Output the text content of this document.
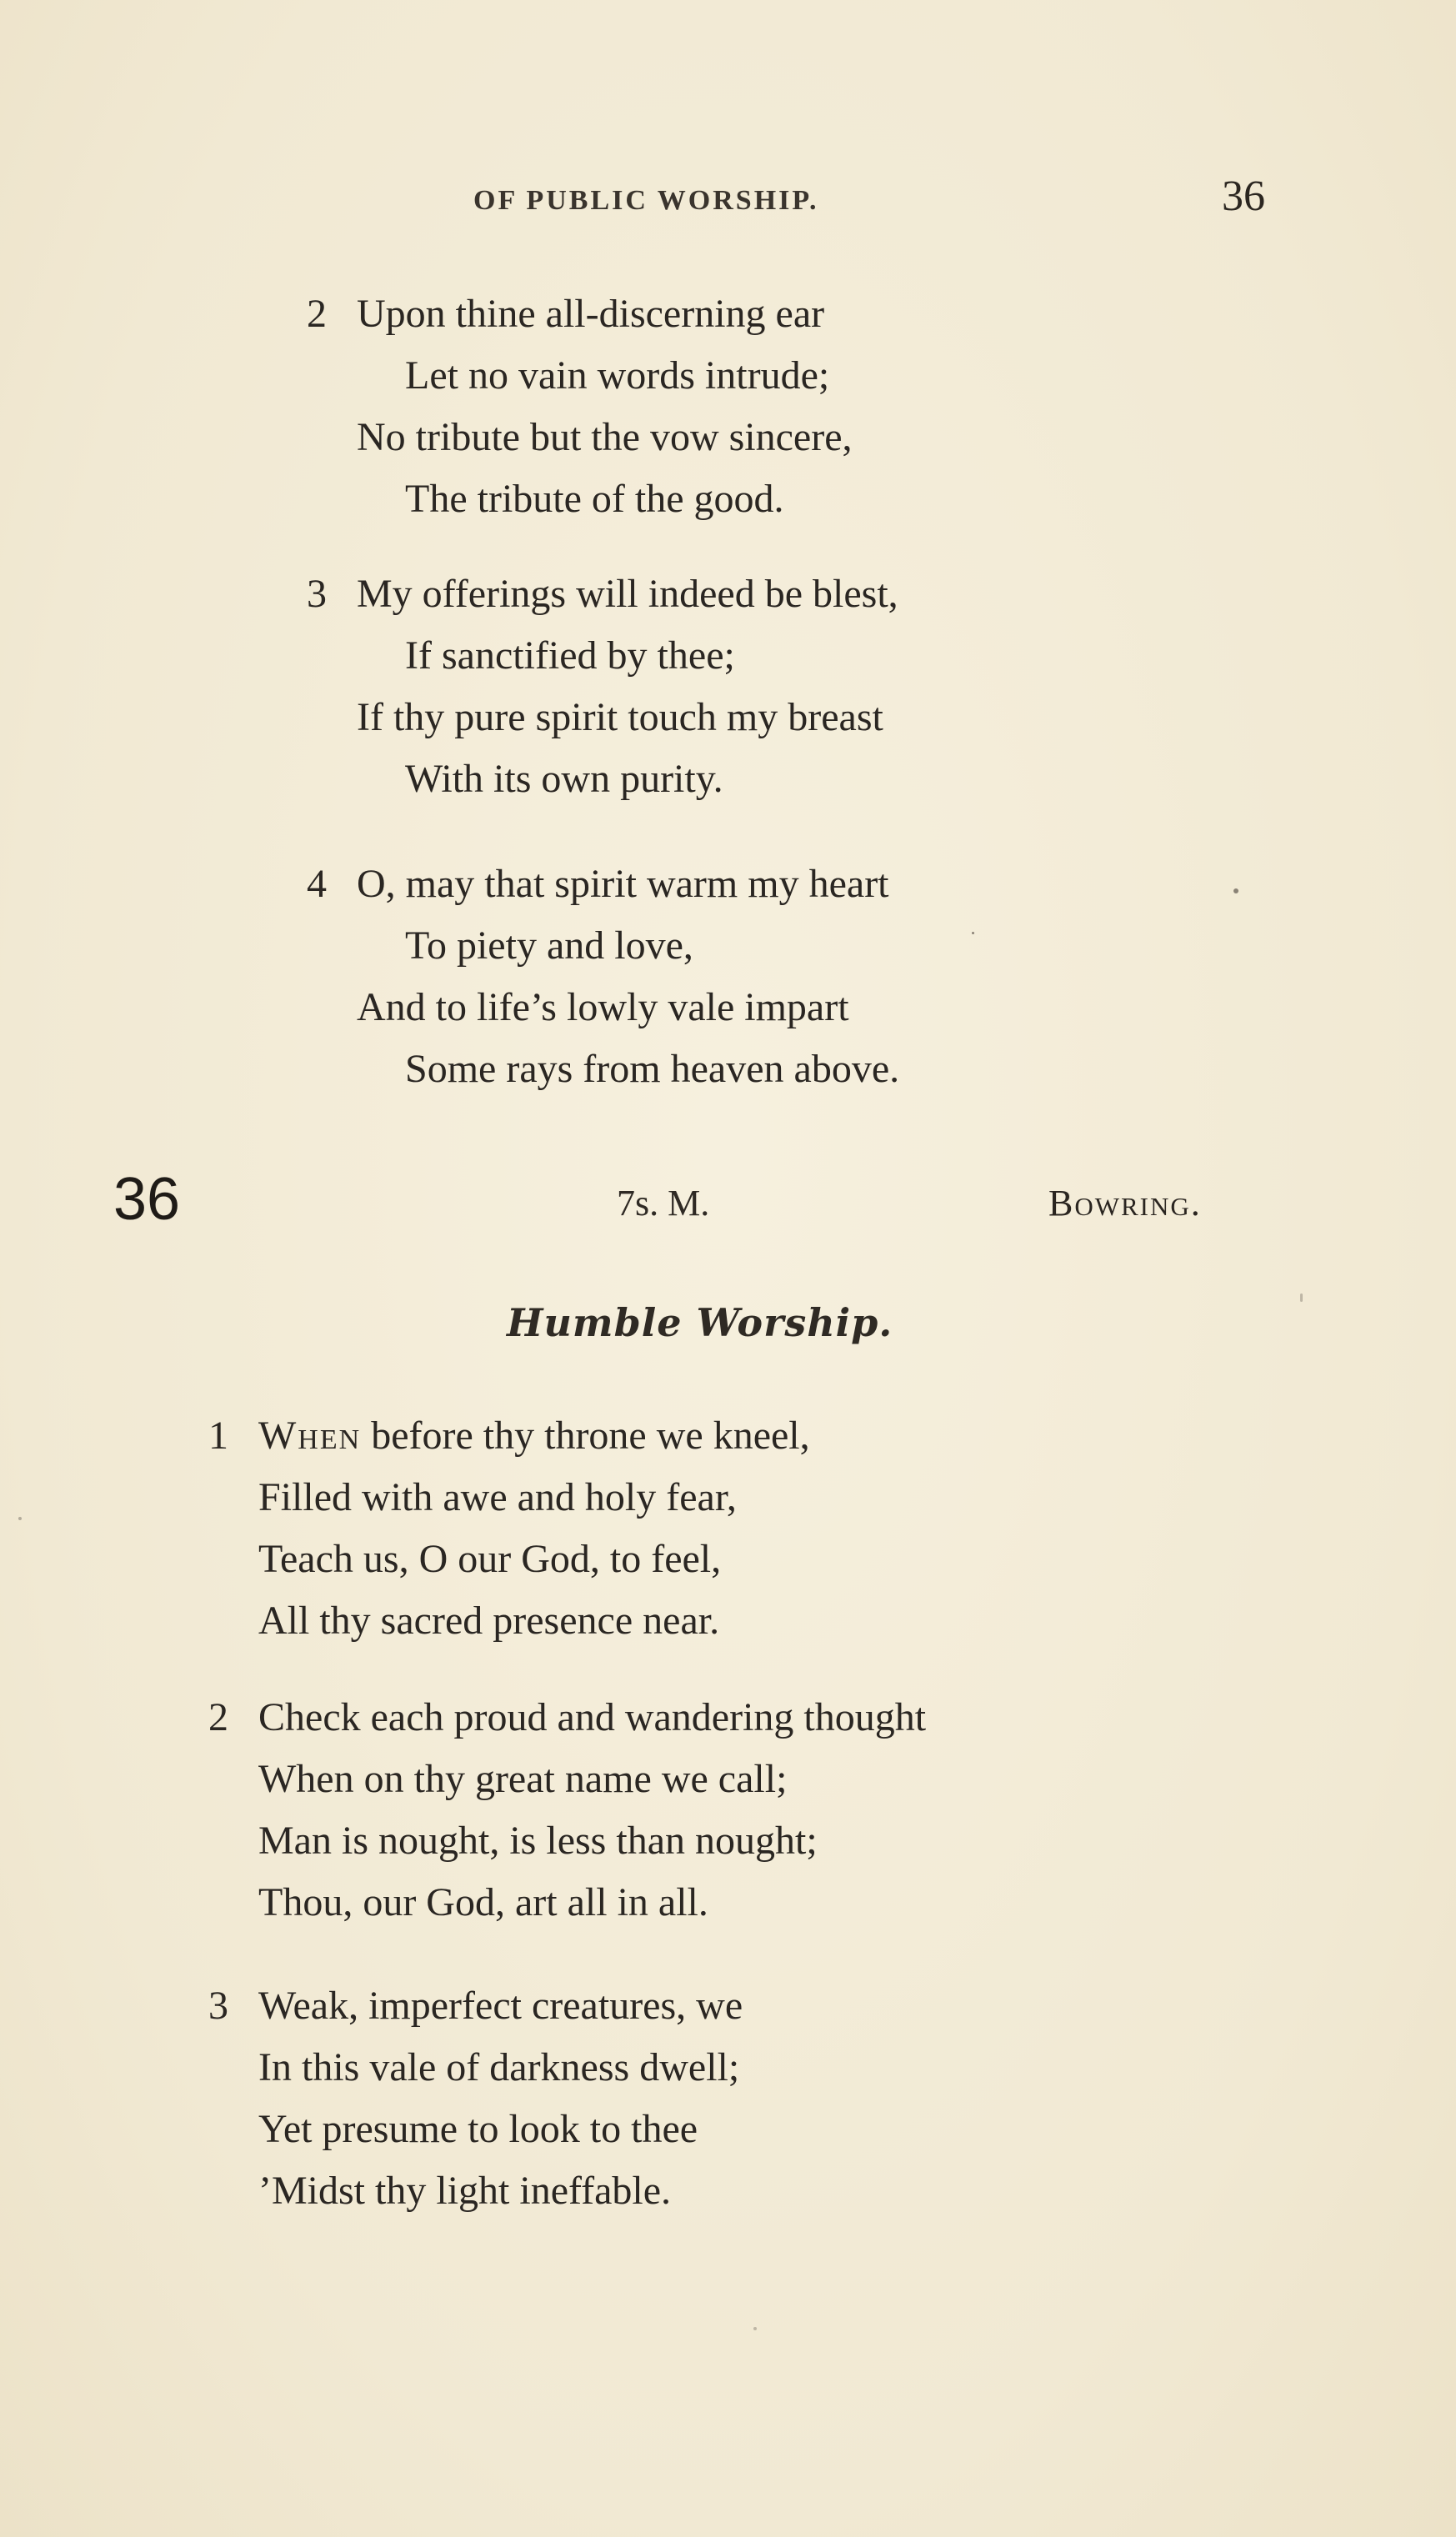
OF PUBLIC WORSHIP.	36
2 Upon thine all-discerning ear
Let no vain words intrude;
No tribute but the vow sincere,
The tribute of the good.
3 My offerings will indeed be blest,
If sanctified by thee;
If thy pure spirit touch my breast
With its own purity.
4 O, may that spirit warm my heart
To piety and love,
And to life’s lowly vale impart
Some rays from heaven above.
36	7s. M.	Bowring.
Humble Worship.
1 When before thy throne we kneel,
Filled with awe and holy fear,
Teach us, O our God, to feel,
All thy sacred presence near.
2 Check each proud and wandering thought
When on thy great name we call;
Man is nought, is less than nought;
Thou, our God, art all in all.
3 Weak, imperfect creatures, we
In this vale of darkness dwell;
Yet presume to look to thee
’Midst thy light ineffable.
